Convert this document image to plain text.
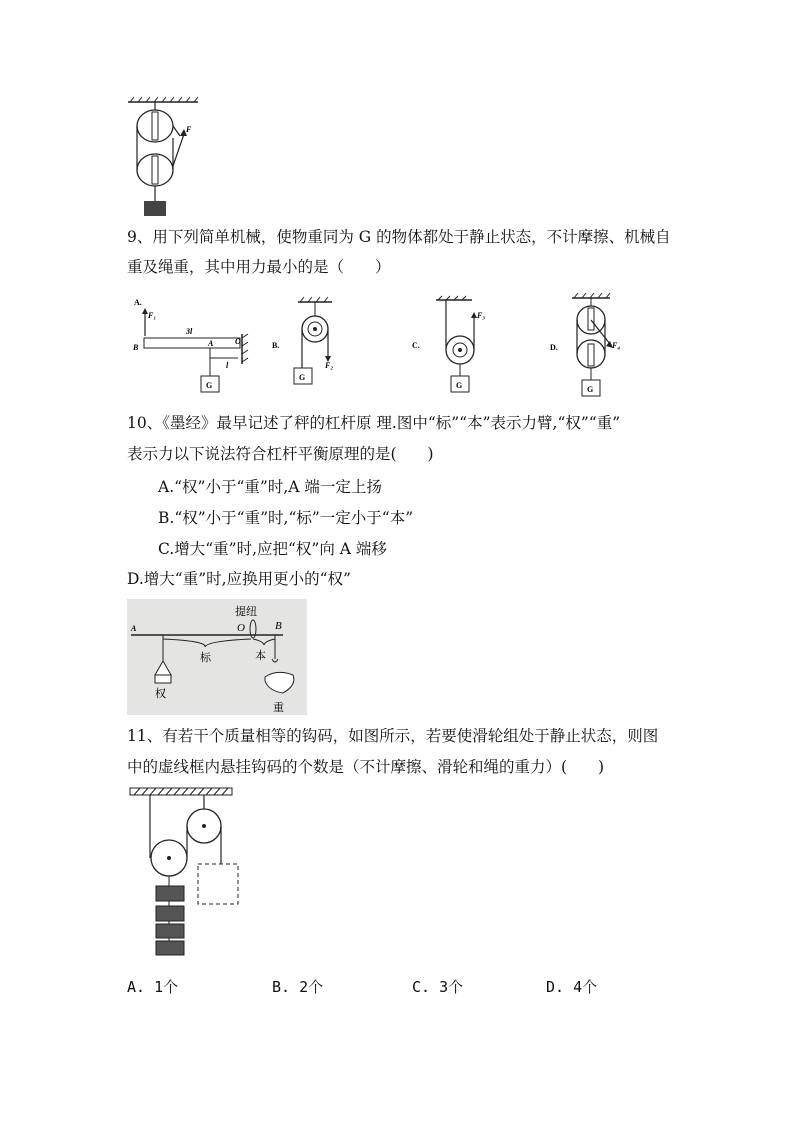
F
9、用下列简单机械，使物重同为 G 的物体都处于静止状态，不计摩擦、机械自
重及绳重，其中用力最小的是（　　）
A.
F₁
B
3l
A	O
l
G
B.
F₂
G
C.
F₃
G
D.	F₄
G
10、《墨经》最早记述了秤的杠杆原 理.图中“标”“本”表示力臂,“权”“重”
表示力以下说法符合杠杆平衡原理的是(　　)
A.“权”小于“重”时,A 端一定上扬
B.“权”小于“重”时,“标”一定小于“本”
C.增大“重”时,应把“权”向 A 端移
D.增大“重”时,应换用更小的“权”
A
提纽
O	B
标	本
权
重
11、有若干个质量相等的钩码，如图所示，若要使滑轮组处于静止状态，则图
中的虚线框内悬挂钩码的个数是（不计摩擦、滑轮和绳的重力）(　　)
A. 1个	B. 2个	C. 3个	D. 4个
